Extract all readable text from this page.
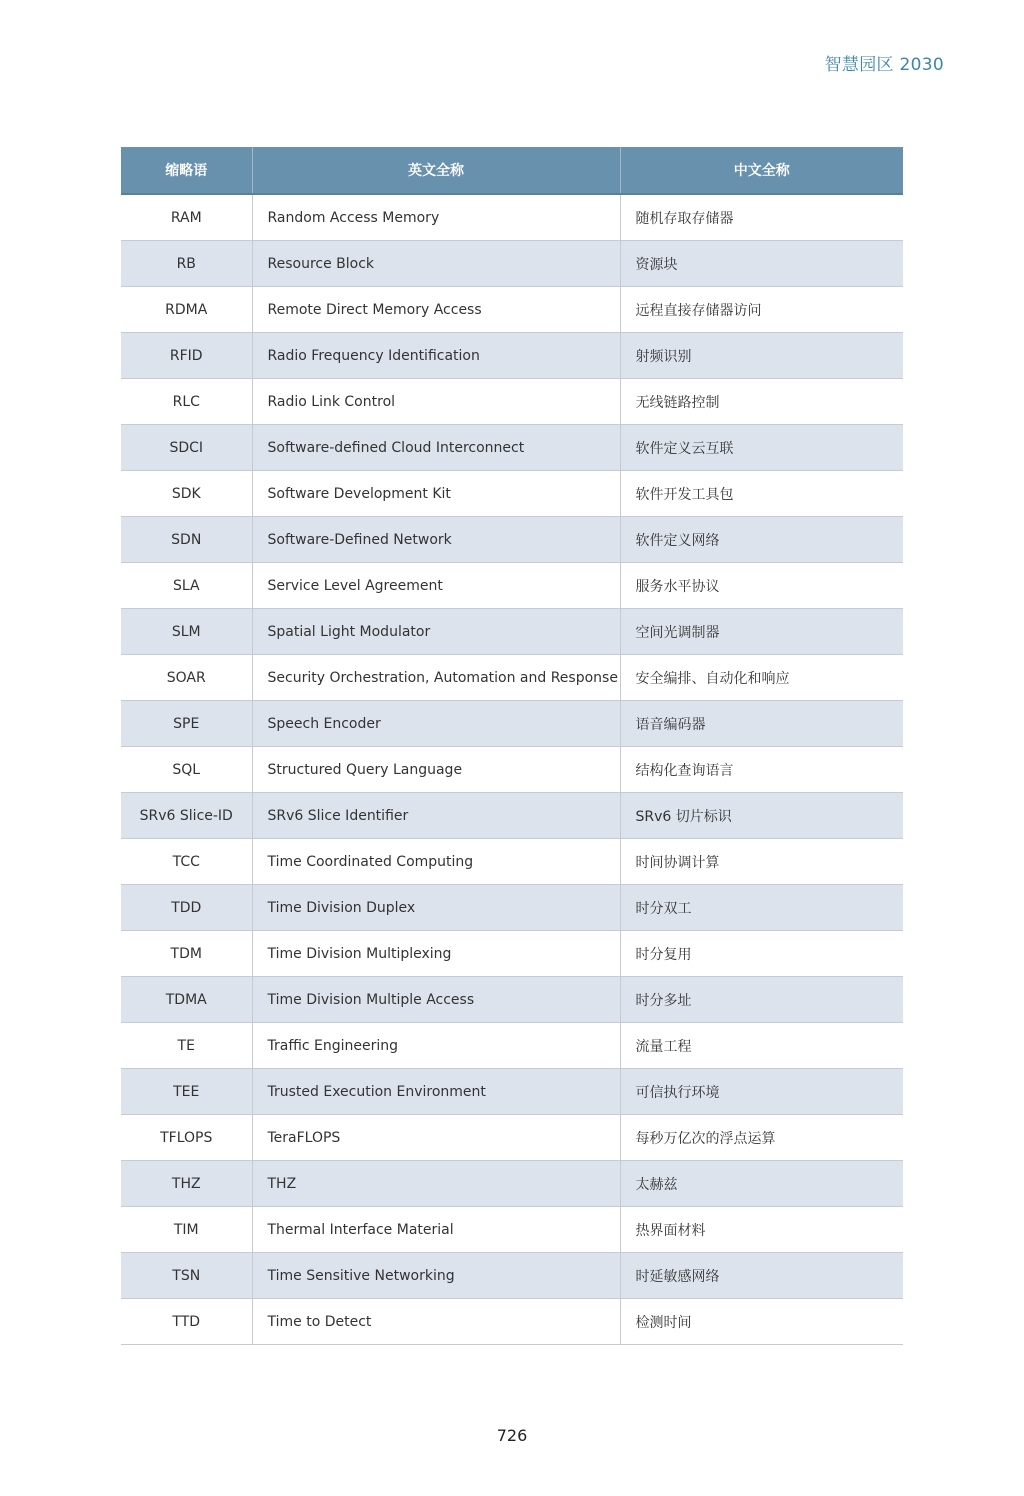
智慧园区 2030
缩略语	英文全称	中文全称
RAM	Random Access Memory	随机存取存储器
RB	Resource Block	资源块
RDMA	Remote Direct Memory Access	远程直接存储器访问
RFID	Radio Frequency Identification	射频识别
RLC	Radio Link Control	无线链路控制
SDCI	Software-defined Cloud Interconnect	软件定义云互联
SDK	Software Development Kit	软件开发工具包
SDN	Software-Defined Network	软件定义网络
SLA	Service Level Agreement	服务水平协议
SLM	Spatial Light Modulator	空间光调制器
SOAR	Security Orchestration, Automation and Response	安全编排、自动化和响应
SPE	Speech Encoder	语音编码器
SQL	Structured Query Language	结构化查询语言
SRv6 Slice-ID	SRv6 Slice Identifier	SRv6 切片标识
TCC	Time Coordinated Computing	时间协调计算
TDD	Time Division Duplex	时分双工
TDM	Time Division Multiplexing	时分复用
TDMA	Time Division Multiple Access	时分多址
TE	Traffic Engineering	流量工程
TEE	Trusted Execution Environment	可信执行环境
TFLOPS	TeraFLOPS	每秒万亿次的浮点运算
THZ	THZ	太赫兹
TIM	Thermal Interface Material	热界面材料
TSN	Time Sensitive Networking	时延敏感网络
TTD	Time to Detect	检测时间
726
